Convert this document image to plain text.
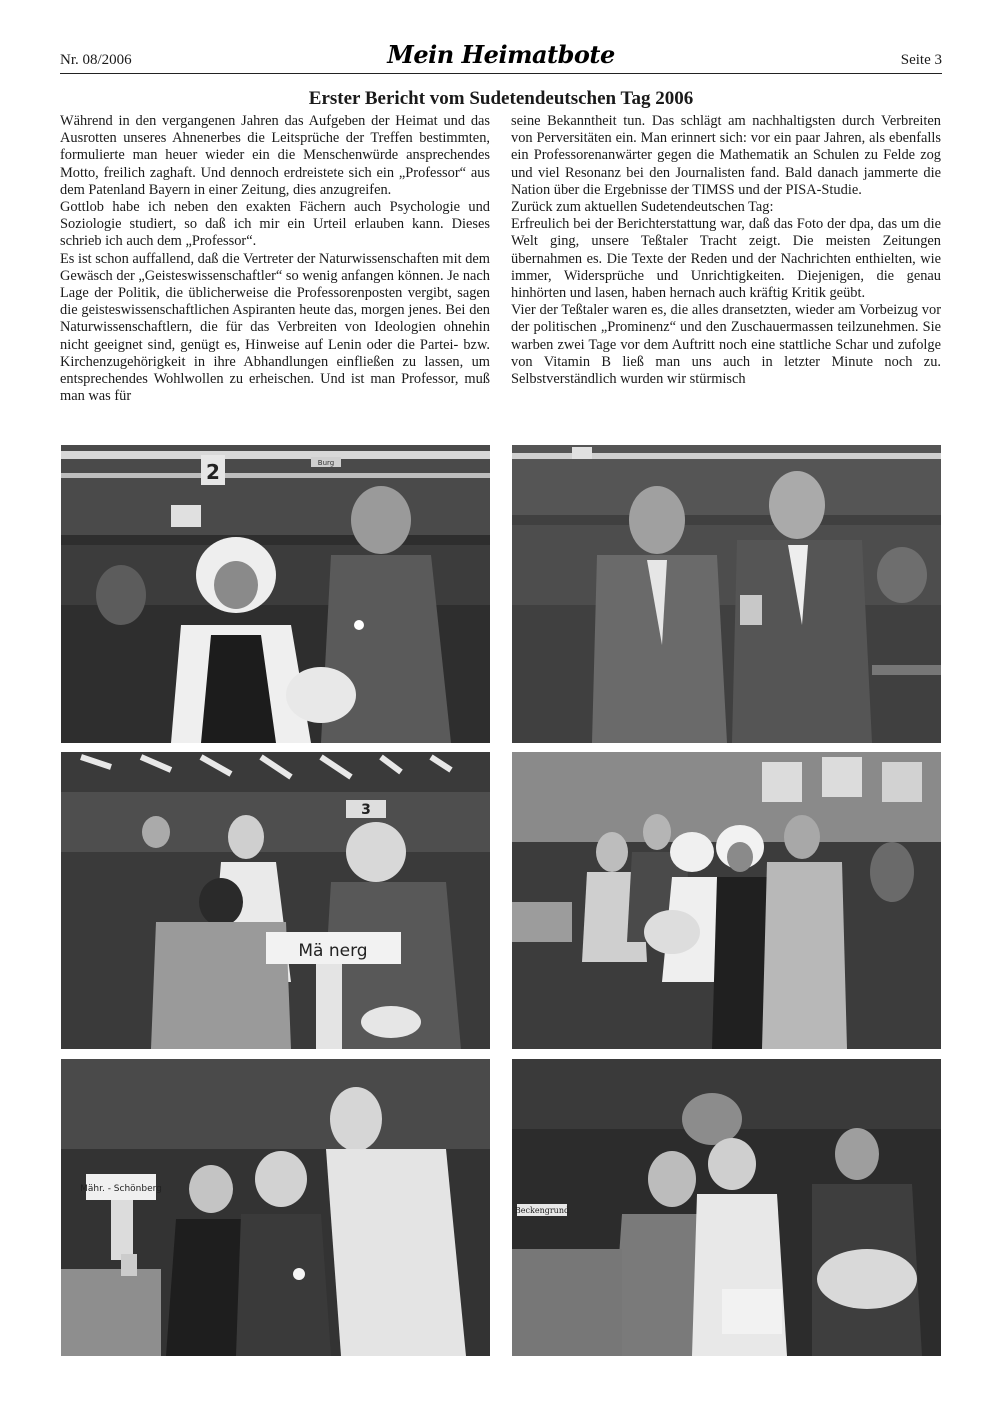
Nr. 08/2006	Mein Heimatbote	Seite 3
Erster Bericht vom Sudetendeutschen Tag 2006

Während in den vergangenen Jahren das Aufgeben der Heimat und das Ausrotten unseres Ahnenerbes die Leitsprüche der Treffen bestimmten, formulierte man heuer wieder ein die Menschenwürde ansprechendes Motto, freilich zaghaft. Und dennoch erdreistete sich ein „Professor“ aus dem Patenland Bayern in einer Zeitung, dies anzugreifen.

Gottlob habe ich neben den exakten Fächern auch Psychologie und Soziologie studiert, so daß ich mir ein Urteil erlauben kann. Dieses schrieb ich auch dem „Professor“.

Es ist schon auffallend, daß die Vertreter der Naturwissenschaften mit dem Gewäsch der „Geisteswissenschaftler“ so wenig anfangen können. Je nach Lage der Politik, die üblicherweise die Professorenposten vergibt, sagen die geisteswissenschaftlichen Aspiranten heute das, morgen jenes. Bei den Naturwissenschaftlern, die für das Verbreiten von Ideologien ohnehin nicht geeignet sind, genügt es, Hinweise auf Lenin oder die Partei- bzw. Kirchenzugehörigkeit in ihre Abhandlungen einfließen zu lassen, um entsprechendes Wohlwollen zu erheischen. Und ist man Professor, muß man was für

seine Bekanntheit tun. Das schlägt am nachhaltigsten durch Verbreiten von Perversitäten ein. Man erinnert sich: vor ein paar Jahren, als ebenfalls ein Professorenanwärter gegen die Mathematik an Schulen zu Felde zog und viel Resonanz bei den Journalisten fand. Bald danach jammerte die Nation über die Ergebnisse der TIMSS und der PISA-Studie.

Zurück zum aktuellen Sudetendeutschen Tag:

Erfreulich bei der Berichterstattung war, daß das Foto der dpa, das um die Welt ging, unsere Teßtaler Tracht zeigt. Die meisten Zeitungen übernahmen es. Die Texte der Reden und der Nachrichten enthielten, wie immer, Widersprüche und Unrichtigkeiten. Diejenigen, die genau hinhörten und lasen, haben hernach auch kräftig Kritik geübt.

Vier der Teßtaler waren es, die alles dransetzten, wieder am Vorbeizug vor der politischen „Prominenz“ und den Zuschauermassen teilzunehmen. Sie warben zwei Tage vor dem Auftritt noch eine stattliche Schar und zufolge von Vitamin B ließ man uns auch in letzter Minute noch zu. Selbstverständlich wurden wir stürmisch

2	Burg
3
Mä nerg
Mähr. - Schönberg
Beckengrund
